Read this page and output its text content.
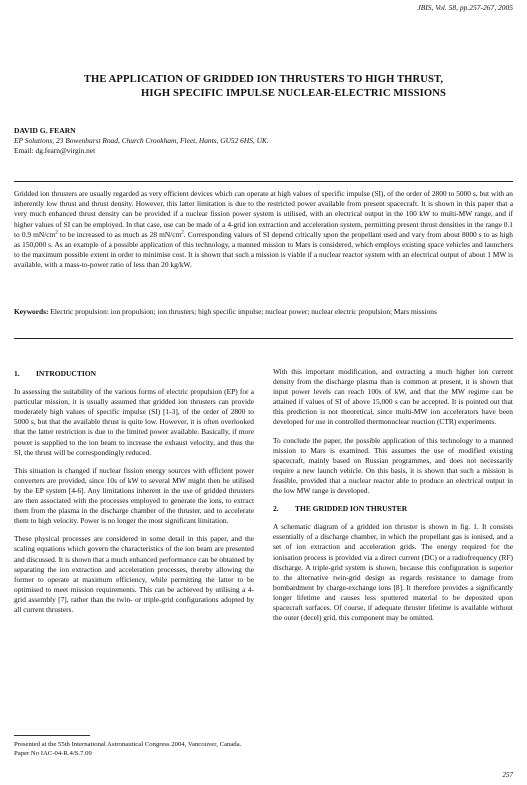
JBIS, Vol. 58, pp.257-267, 2005
THE APPLICATION OF GRIDDED ION THRUSTERS TO HIGH THRUST,
HIGH SPECIFIC IMPULSE NUCLEAR-ELECTRIC MISSIONS
DAVID G. FEARN
EP Solutions, 23 Bowenhurst Road, Church Crookham, Fleet, Hants, GU52 6HS, UK.
Email: dg.fearn@virgin.net
Gridded ion thrusters are usually regarded as very efficient devices which can operate at high values of specific impulse (SI), of the order of 2800 to 5000 s, but with an inherently low thrust and thrust density. However, this latter limitation is due to the restricted power available from present spacecraft. It is shown in this paper that a very much enhanced thrust density can be provided if a nuclear fission power system is utilised, with an electrical output in the 100 kW to multi-MW range, and if higher values of SI can be employed. In that case, use can be made of a 4-grid ion extraction and acceleration system, permitting present thrust densities in the range 0.1 to 0.9 $mN/cm^2$ to be increased to as much as 28 $mN/cm^2$. Corresponding values of SI depend critically upon the propellant used and vary from about 8000 s to as high as 150,000 s. As an example of a possible application of this technology, a manned mission to Mars is considered, which employs existing space vehicles and launchers to the maximum possible extent in order to minimise cost. It is shown that such a mission is viable if a nuclear reactor system with an electrical output of about 1 MW is available, with a mass-to-power ratio of less than 20 kg/kW.
Keywords: Electric propulsion: ion propulsion; ion thrusters; high specific impulse; nuclear power; nuclear electric propulsion; Mars missions
1. INTRODUCTION

In assessing the suitability of the various forms of electric propulsion (EP) for a particular mission, it is usually assumed that gridded ion thrusters can provide moderately high values of specific impulse (SI) [1-3], of the order of 2800 to 5000 s, but that the available thrust is quite low. However, it is often overlooked that the latter restriction is due to the limited power available. Basically, if more power is supplied to the ion beam to increase the exhaust velocity, and thus the SI, the thrust will be correspondingly reduced.

This situation is changed if nuclear fission energy sources with efficient power converters are provided, since 10s of kW to several MW might then be utilised by the EP system [4-6]. Any limitations inherent in the use of gridded thrusters are then associated with the processes employed to generate the ions, to extract them from the plasma in the discharge chamber of the thruster, and to accelerate them to high velocity. Power is no longer the most significant limitation.

These physical processes are considered in some detail in this paper, and the scaling equations which govern the characteristics of the ion beam are presented and discussed. It is shown that a much enhanced performance can be obtained by separating the ion extraction and acceleration processes, thereby allowing the former to operate at maximum efficiency, while permitting the latter to be optimised to meet mission requirements. This can be achieved by utilising a 4-grid assembly [7], rather than the twin- or triple-grid configurations adopted by all current thrusters.

With this important modification, and extracting a much higher ion current density from the discharge plasma than is common at present, it is shown that input power levels can reach 100s of kW, and that the MW regime can be attained if values of SI of above 15,000 s can be accepted. It is pointed out that this prediction is not theoretical, since multi-MW ion accelerators have been developed for use in controlled thermonuclear reaction (CTR) experiments.

To conclude the paper, the possible application of this technology to a manned mission to Mars is examined. This assumes the use of modified existing spacecraft, mainly based on Russian programmes, and does not necessarily require a new launch vehicle. On this basis, it is shown that such a mission is feasible, provided that a nuclear reactor able to produce an electrical output in the low MW range is developed.

2. THE GRIDDED ION THRUSTER

A schematic diagram of a gridded ion thruster is shown in fig. 1. It consists essentially of a discharge chamber, in which the propellant gas is ionised, and a set of ion extraction and acceleration grids. The energy required for the ionisation process is provided via a direct current (DC) or a radiofrequency (RF) discharge. A triple-grid system is shown, because this configuration is superior to the alternative twin-grid design as regards resistance to damage from bombardment by charge-exchange ions [8]. It therefore provides a significantly longer lifetime and causes less sputtered material to be deposited upon spacecraft surfaces. Of course, if adequate thruster lifetime is available without the outer (decel) grid, this component may be omitted.

Presented at the 55th International Astronautical Congress 2004, Vancouver, Canada. Paper No IAC-04-R.4/S.7.09
257
